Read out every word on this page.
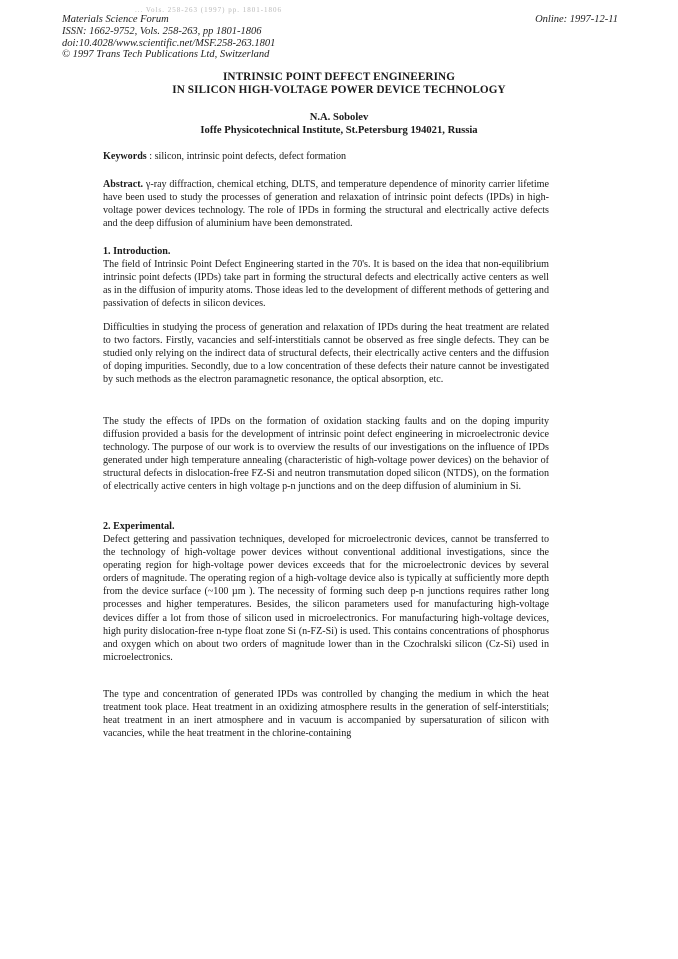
... Vols. 258-263 (1997) pp. 1801-1806
Materials Science Forum
ISSN: 1662-9752, Vols. 258-263, pp 1801-1806
doi:10.4028/www.scientific.net/MSF.258-263.1801
© 1997 Trans Tech Publications Ltd, Switzerland
Online: 1997-12-11
INTRINSIC POINT DEFECT ENGINEERING
IN SILICON HIGH-VOLTAGE POWER DEVICE TECHNOLOGY
N.A. Sobolev
Ioffe Physicotechnical Institute, St.Petersburg 194021, Russia
Keywords : silicon, intrinsic point defects, defect formation
Abstract. γ-ray diffraction, chemical etching, DLTS, and temperature dependence of minority carrier lifetime have been used to study the processes of generation and relaxation of intrinsic point defects (IPDs) in high-voltage power devices technology. The role of IPDs in forming the structural and electrically active defects and the deep diffusion of aluminium have been demonstrated.
1. Introduction.
The field of Intrinsic Point Defect Engineering started in the 70's. It is based on the idea that non-equilibrium intrinsic point defects (IPDs) take part in forming the structural defects and electrically active centers as well as in the diffusion of impurity atoms. Those ideas led to the development of different methods of gettering and passivation of defects in silicon devices.
Difficulties in studying the process of generation and relaxation of IPDs during the heat treatment are related to two factors. Firstly, vacancies and self-interstitials cannot be observed as free single defects. They can be studied only relying on the indirect data of structural defects, their electrically active centers and the diffusion of doping impurities. Secondly, due to a low concentration of these defects their nature cannot be investigated by such methods as the electron paramagnetic resonance, the optical absorption, etc.
The study the effects of IPDs on the formation of oxidation stacking faults and on the doping impurity diffusion provided a basis for the development of intrinsic point defect engineering in microelectronic device technology. The purpose of our work is to overview the results of our investigations on the influence of IPDs generated under high temperature annealing (characteristic of high-voltage power devices) on the behavior of structural defects in dislocation-free FZ-Si and neutron transmutation doped silicon (NTDS), on the formation of electrically active centers in high voltage p-n junctions and on the deep diffusion of aluminium in Si.
2. Experimental.
Defect gettering and passivation techniques, developed for microelectronic devices, cannot be transferred to the technology of high-voltage power devices without conventional additional investigations, since the operating region for high-voltage power devices exceeds that for the microelectronic devices by several orders of magnitude. The operating region of a high-voltage device also is typically at sufficiently more depth from the device surface (~100 µm ). The necessity of forming such deep p-n junctions requires rather long processes and higher temperatures. Besides, the silicon parameters used for manufacturing high-voltage devices differ a lot from those of silicon used in microelectronics. For manufacturing high-voltage devices, high purity dislocation-free n-type float zone Si (n-FZ-Si) is used. This contains concentrations of phosphorus and oxygen which on about two orders of magnitude lower than in the Czochralski silicon (Cz-Si) used in microelectronics.
The type and concentration of generated IPDs was controlled by changing the medium in which the heat treatment took place. Heat treatment in an oxidizing atmosphere results in the generation of self-interstitials; heat treatment in an inert atmosphere and in vacuum is accompanied by supersaturation of silicon with vacancies, while the heat treatment in the chlorine-containing
